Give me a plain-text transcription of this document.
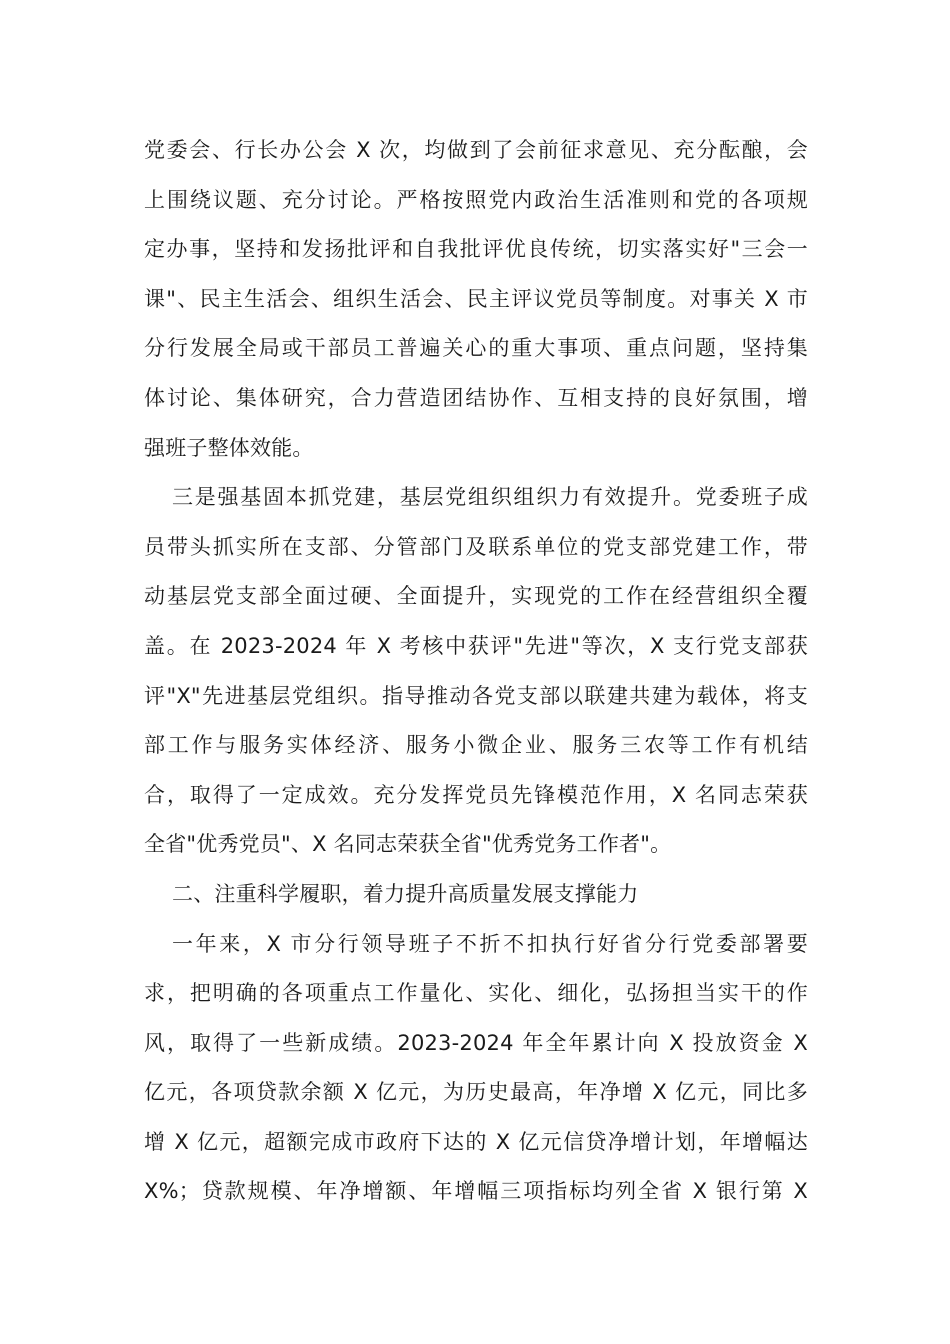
党委会、行长办公会 X 次，均做到了会前征求意见、充分酝酿，会
上围绕议题、充分讨论。严格按照党内政治生活准则和党的各项规
定办事，坚持和发扬批评和自我批评优良传统，切实落实好"三会一
课"、民主生活会、组织生活会、民主评议党员等制度。对事关 X 市
分行发展全局或干部员工普遍关心的重大事项、重点问题，坚持集
体讨论、集体研究，合力营造团结协作、互相支持的良好氛围，增
强班子整体效能。
三是强基固本抓党建，基层党组织组织力有效提升。党委班子成
员带头抓实所在支部、分管部门及联系单位的党支部党建工作，带
动基层党支部全面过硬、全面提升，实现党的工作在经营组织全覆
盖。在 2023-2024 年 X 考核中获评"先进"等次，X 支行党支部获
评"X"先进基层党组织。指导推动各党支部以联建共建为载体，将支
部工作与服务实体经济、服务小微企业、服务三农等工作有机结
合，取得了一定成效。充分发挥党员先锋模范作用，X 名同志荣获
全省"优秀党员"、X 名同志荣获全省"优秀党务工作者"。
二、注重科学履职，着力提升高质量发展支撑能力
一年来，X 市分行领导班子不折不扣执行好省分行党委部署要
求，把明确的各项重点工作量化、实化、细化，弘扬担当实干的作
风，取得了一些新成绩。2023-2024 年全年累计向 X 投放资金 X
亿元，各项贷款余额 X 亿元，为历史最高，年净增 X 亿元，同比多
增 X 亿元，超额完成市政府下达的 X 亿元信贷净增计划，年增幅达
X%；贷款规模、年净增额、年增幅三项指标均列全省 X 银行第 X
